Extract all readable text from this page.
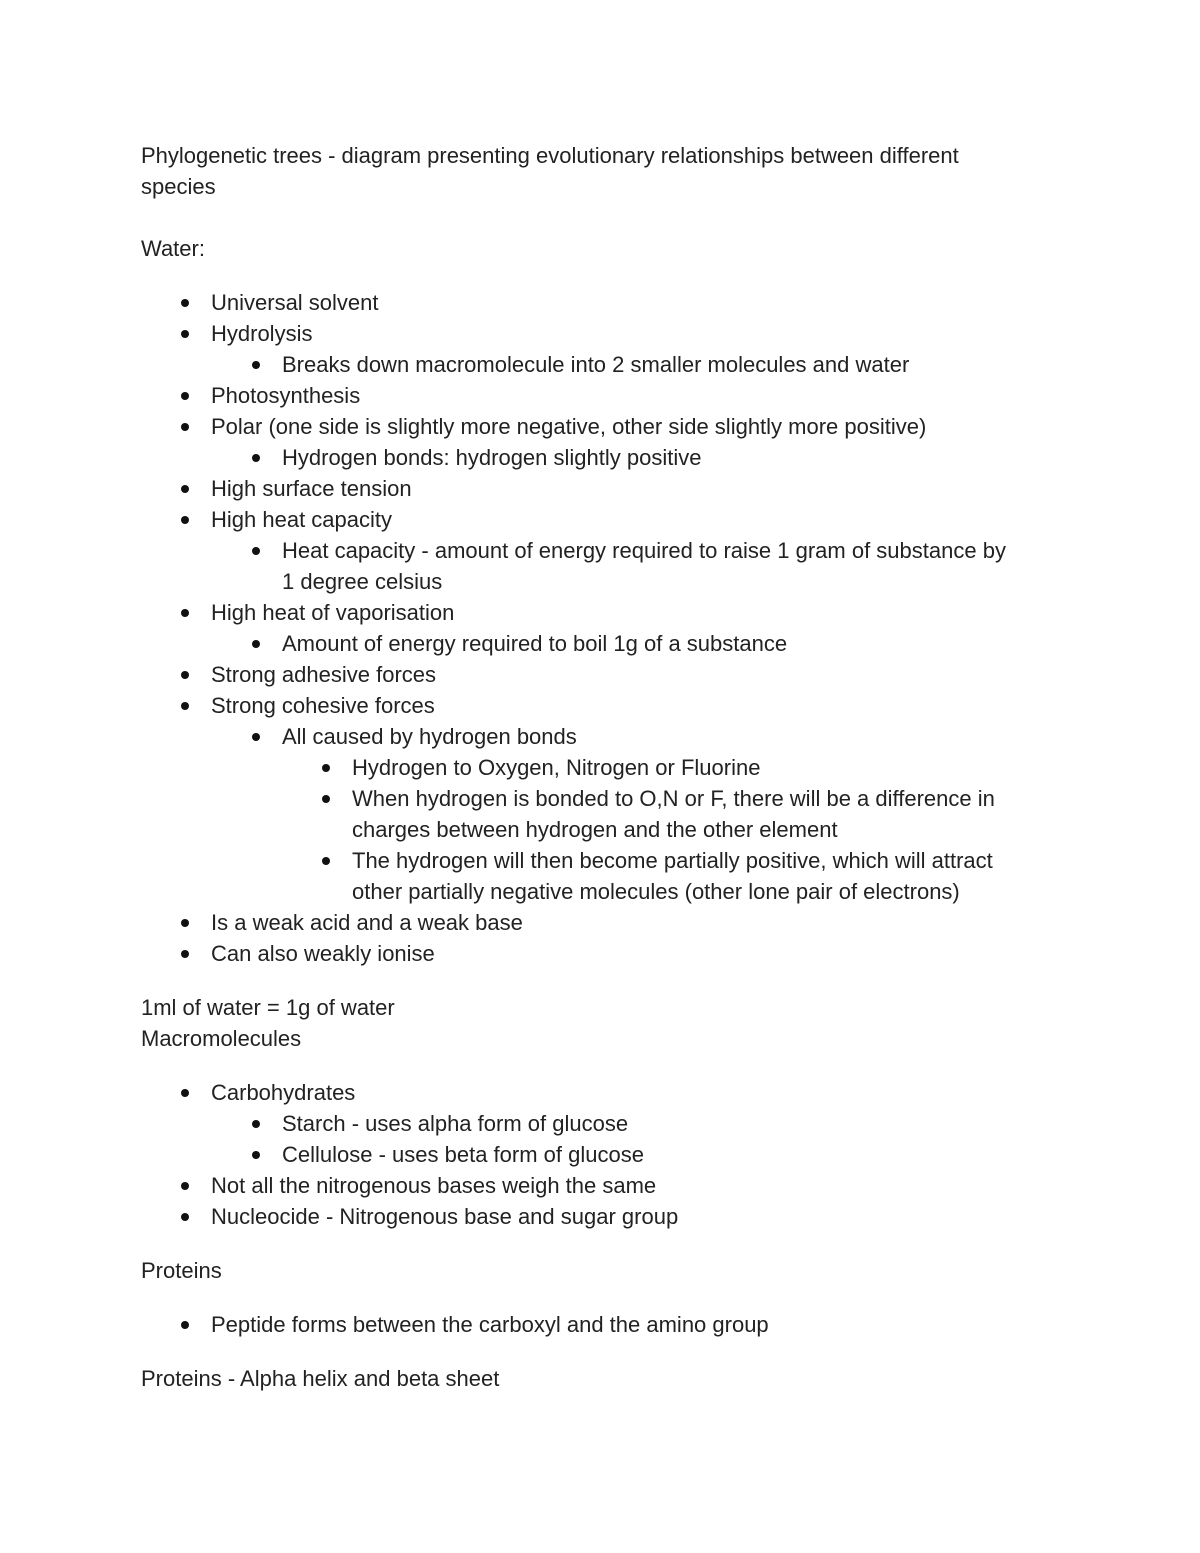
Phylogenetic trees - diagram presenting evolutionary relationships between different

species

Water:

Universal solvent
Hydrolysis
Breaks down macromolecule into 2 smaller molecules and water
Photosynthesis
Polar (one side is slightly more negative, other side slightly more positive)
Hydrogen bonds: hydrogen slightly positive
High surface tension
High heat capacity
Heat capacity - amount of energy required to raise 1 gram of substance by
1 degree celsius
High heat of vaporisation
Amount of energy required to boil 1g of a substance
Strong adhesive forces
Strong cohesive forces
All caused by hydrogen bonds
Hydrogen to Oxygen, Nitrogen or Fluorine
When hydrogen is bonded to O,N or F, there will be a difference in
charges between hydrogen and the other element
The hydrogen will then become partially positive, which will attract
other partially negative molecules (other lone pair of electrons)
Is a weak acid and a weak base
Can also weakly ionise

1ml of water = 1g of water

Macromolecules

Carbohydrates
Starch - uses alpha form of glucose
Cellulose - uses beta form of glucose
Not all the nitrogenous bases weigh the same
Nucleocide - Nitrogenous base and sugar group

Proteins

Peptide forms between the carboxyl and the amino group

Proteins - Alpha helix and beta sheet
